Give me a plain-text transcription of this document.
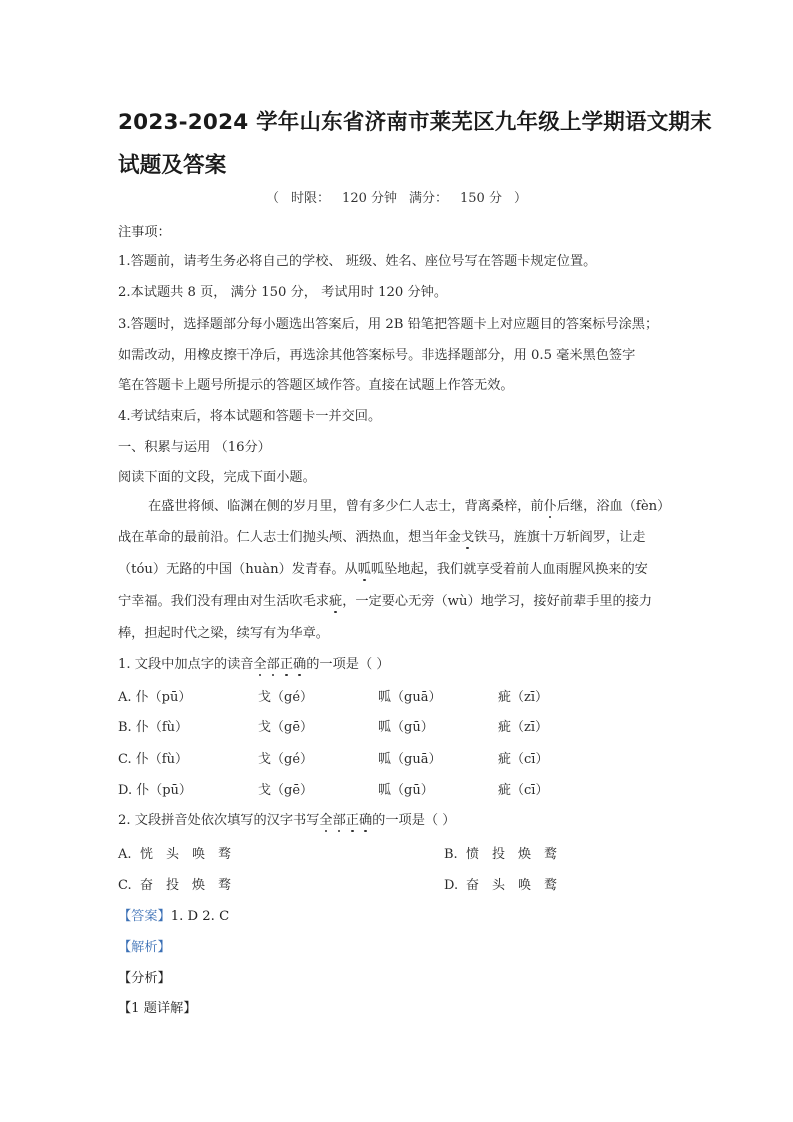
2023-2024 学年山东省济南市莱芜区九年级上学期语文期末
试题及答案
（ 时限： 120 分钟 满分： 150 分 ）
注事项：
1.答题前，请考生务必将自己的学校、 班级、姓名、座位号写在答题卡规定位置。
2.本试题共 8 页， 满分 150 分， 考试用时 120 分钟。
3.答题时，选择题部分每小题选出答案后，用 2B 铅笔把答题卡上对应题目的答案标号涂黑；
如需改动，用橡皮擦干净后，再选涂其他答案标号。非选择题部分，用 0.5 毫米黑色签字
笔在答题卡上题号所提示的答题区域作答。直接在试题上作答无效。
4.考试结束后，将本试题和答题卡一并交回。
一、积累与运用 （16分）
阅读下面的文段，完成下面小题。
在盛世将倾、临渊在侧的岁月里，曾有多少仁人志士，背离桑梓，前仆后继，浴血（fèn）
战在革命的最前沿。仁人志士们抛头颅、洒热血，想当年金戈铁马，旌旗十万斩阎罗，让走
（tóu）无路的中国（huàn）发青春。从呱呱坠地起，我们就享受着前人血雨腥风换来的安
宁幸福。我们没有理由对生活吹毛求疵，一定要心无旁（wù）地学习，接好前辈手里的接力
棒，担起时代之梁，续写有为华章。
1. 文段中加点字的读音全部正确的一项是（ ）
A. 仆（pū）	戈（gé）	呱（guā）	疵（zī）
B. 仆（fù）	戈（gē）	呱（gū）	疵（zī）
C. 仆（fù）	戈（gé）	呱（guā）	疵（cī）
D. 仆（pū）	戈（gē）	呱（gū）	疵（cī）
2. 文段拼音处依次填写的汉字书写全部正确的一项是（ ）
A. 恍 头 唤 骛	B. 愤 投 焕 鹜
C. 奋 投 焕 骛	D. 奋 头 唤 鹜
【答案】1. D 2. C
【解析】
【分析】
【1 题详解】
